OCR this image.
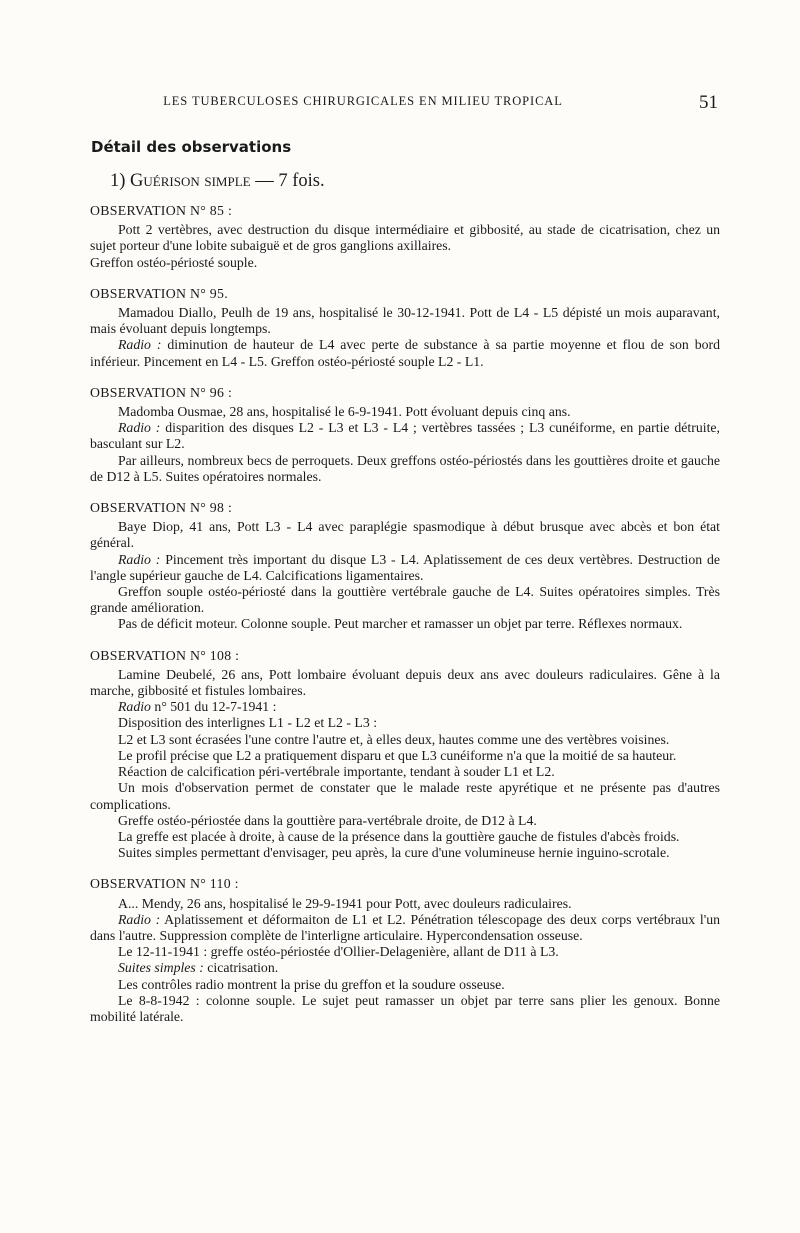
LES TUBERCULOSES CHIRURGICALES EN MILIEU TROPICAL	51
Détail des observations
1) Guérison simple — 7 fois.
OBSERVATION N° 85 :

Pott 2 vertèbres, avec destruction du disque intermédiaire et gibbosité, au stade de cicatrisation, chez un sujet porteur d'une lobite subaiguë et de gros ganglions axillaires.

Greffon ostéo-périosté souple.

OBSERVATION N° 95.

Mamadou Diallo, Peulh de 19 ans, hospitalisé le 30-12-1941. Pott de L4 - L5 dépisté un mois auparavant, mais évoluant depuis longtemps.

Radio : diminution de hauteur de L4 avec perte de substance à sa partie moyenne et flou de son bord inférieur. Pincement en L4 - L5. Greffon ostéo-périosté souple L2 - L1.

OBSERVATION N° 96 :

Madomba Ousmae, 28 ans, hospitalisé le 6-9-1941. Pott évoluant depuis cinq ans.

Radio : disparition des disques L2 - L3 et L3 - L4 ; vertèbres tassées ; L3 cunéiforme, en partie détruite, basculant sur L2.

Par ailleurs, nombreux becs de perroquets. Deux greffons ostéo-périostés dans les gouttières droite et gauche de D12 à L5. Suites opératoires normales.

OBSERVATION N° 98 :

Baye Diop, 41 ans, Pott L3 - L4 avec paraplégie spasmodique à début brusque avec abcès et bon état général.

Radio : Pincement très important du disque L3 - L4. Aplatissement de ces deux vertèbres. Destruction de l'angle supérieur gauche de L4. Calcifications ligamentaires.

Greffon souple ostéo-périosté dans la gouttière vertébrale gauche de L4. Suites opératoires simples. Très grande amélioration.

Pas de déficit moteur. Colonne souple. Peut marcher et ramasser un objet par terre. Réflexes normaux.

OBSERVATION N° 108 :

Lamine Deubelé, 26 ans, Pott lombaire évoluant depuis deux ans avec douleurs radiculaires. Gêne à la marche, gibbosité et fistules lombaires.

Radio n° 501 du 12-7-1941 :

Disposition des interlignes L1 - L2 et L2 - L3 :

L2 et L3 sont écrasées l'une contre l'autre et, à elles deux, hautes comme une des vertèbres voisines.

Le profil précise que L2 a pratiquement disparu et que L3 cunéiforme n'a que la moitié de sa hauteur.

Réaction de calcification péri-vertébrale importante, tendant à souder L1 et L2.

Un mois d'observation permet de constater que le malade reste apyrétique et ne présente pas d'autres complications.

Greffe ostéo-périostée dans la gouttière para-vertébrale droite, de D12 à L4.

La greffe est placée à droite, à cause de la présence dans la gouttière gauche de fistules d'abcès froids.

Suites simples permettant d'envisager, peu après, la cure d'une volumineuse hernie inguino-scrotale.

OBSERVATION N° 110 :

A... Mendy, 26 ans, hospitalisé le 29-9-1941 pour Pott, avec douleurs radiculaires.

Radio : Aplatissement et déformaiton de L1 et L2. Pénétration télescopage des deux corps vertébraux l'un dans l'autre. Suppression complète de l'interligne articulaire. Hypercondensation osseuse.

Le 12-11-1941 : greffe ostéo-périostée d'Ollier-Delagenière, allant de D11 à L3.

Suites simples : cicatrisation.

Les contrôles radio montrent la prise du greffon et la soudure osseuse.

Le 8-8-1942 : colonne souple. Le sujet peut ramasser un objet par terre sans plier les genoux. Bonne mobilité latérale.
